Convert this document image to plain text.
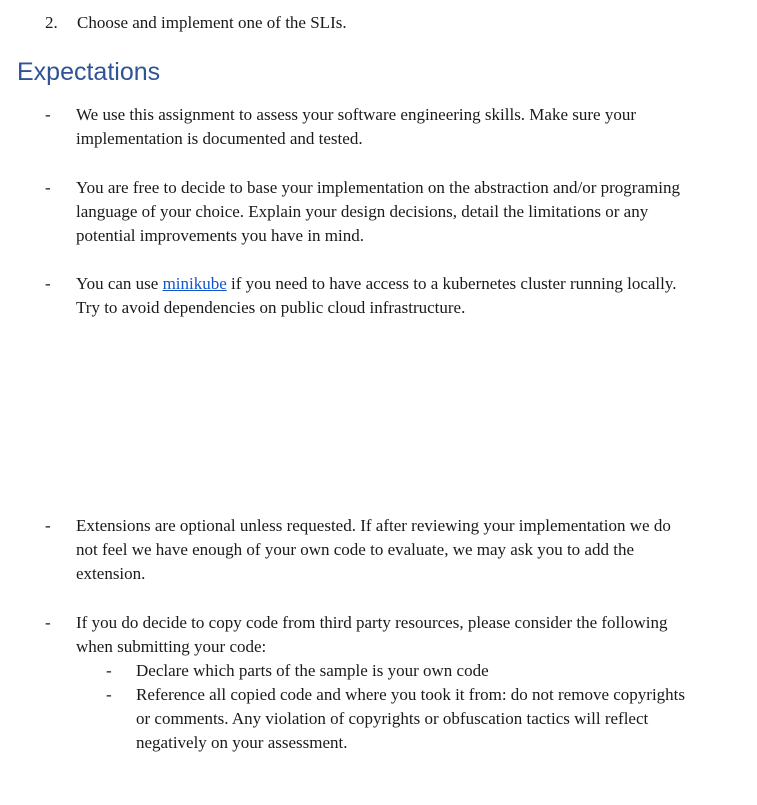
2. Choose and implement one of the SLIs.
Expectations
- We use this assignment to assess your software engineering skills. Make sure your implementation is documented and tested.
- You are free to decide to base your implementation on the abstraction and/or programing language of your choice. Explain your design decisions, detail the limitations or any potential improvements you have in mind.
- You can use minikube if you need to have access to a kubernetes cluster running locally. Try to avoid dependencies on public cloud infrastructure.
- Extensions are optional unless requested. If after reviewing your implementation we do not feel we have enough of your own code to evaluate, we may ask you to add the extension.
- If you do decide to copy code from third party resources, please consider the following when submitting your code:
- Declare which parts of the sample is your own code
- Reference all copied code and where you took it from: do not remove copyrights or comments. Any violation of copyrights or obfuscation tactics will reflect negatively on your assessment.
